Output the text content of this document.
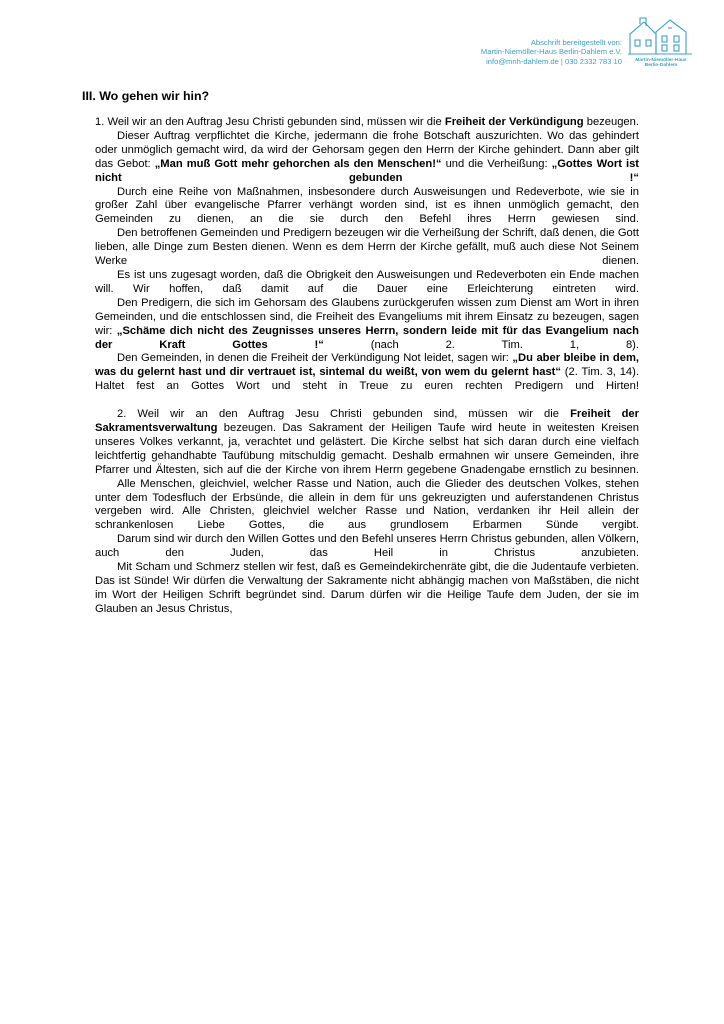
Abschrift bereitgestellt von:
Martin-Niemöller-Haus Berlin-Dahlem e.V.
info@mnh-dahlem.de | 030 2332 783 10	Martin-Niemöller-Haus
Berlin-Dahlem
III. Wo gehen wir hin?

1. Weil wir an den Auftrag Jesu Christi gebunden sind, müssen wir die Freiheit der Verkündigung bezeugen.

Dieser Auftrag verpflichtet die Kirche, jedermann die frohe Botschaft auszurichten. Wo das gehindert oder unmöglich gemacht wird, da wird der Gehorsam gegen den Herrn der Kirche gehindert. Dann aber gilt das Gebot: „Man muß Gott mehr gehorchen als den Menschen!“ und die Verheißung: „Gottes Wort ist nicht gebunden !“

Durch eine Reihe von Maßnahmen, insbesondere durch Ausweisungen und Redeverbote, wie sie in großer Zahl über evangelische Pfarrer verhängt worden sind, ist es ihnen unmöglich gemacht, den Gemeinden zu dienen, an die sie durch den Befehl ihres Herrn gewiesen sind.

Den betroffenen Gemeinden und Predigern bezeugen wir die Verheißung der Schrift, daß denen, die Gott lieben, alle Dinge zum Besten dienen. Wenn es dem Herrn der Kirche gefällt, muß auch diese Not Seinem Werke dienen.

Es ist uns zugesagt worden, daß die Obrigkeit den Ausweisungen und Redeverboten ein Ende machen will. Wir hoffen, daß damit auf die Dauer eine Erleichterung eintreten wird.

Den Predigern, die sich im Gehorsam des Glaubens zurückgerufen wissen zum Dienst am Wort in ihren Gemeinden, und die entschlossen sind, die Freiheit des Evangeliums mit ihrem Einsatz zu bezeugen, sagen wir: „Schäme dich nicht des Zeugnisses unseres Herrn, sondern leide mit für das Evangelium nach der Kraft Gottes !“ (nach 2. Tim. 1, 8).

Den Gemeinden, in denen die Freiheit der Verkündigung Not leidet, sagen wir: „Du aber bleibe in dem, was du gelernt hast und dir vertrauet ist, sintemal du weißt, von wem du gelernt hast“ (2. Tim. 3, 14). Haltet fest an Gottes Wort und steht in Treue zu euren rechten Predigern und Hirten!

2. Weil wir an den Auftrag Jesu Christi gebunden sind, müssen wir die Freiheit der Sakramentsverwaltung bezeugen. Das Sakrament der Heiligen Taufe wird heute in weitesten Kreisen unseres Volkes verkannt, ja, verachtet und gelästert. Die Kirche selbst hat sich daran durch eine vielfach leichtfertig gehandhabte Taufübung mitschuldig gemacht. Deshalb ermahnen wir unsere Gemeinden, ihre Pfarrer und Ältesten, sich auf die der Kirche von ihrem Herrn gegebene Gnadengabe ernstlich zu besinnen.

Alle Menschen, gleichviel, welcher Rasse und Nation, auch die Glieder des deutschen Volkes, stehen unter dem Todesfluch der Erbsünde, die allein in dem für uns gekreuzigten und auferstandenen Christus vergeben wird. Alle Christen, gleichviel welcher Rasse und Nation, verdanken ihr Heil allein der schrankenlosen Liebe Gottes, die aus grundlosem Erbarmen Sünde vergibt.

Darum sind wir durch den Willen Gottes und den Befehl unseres Herrn Christus gebunden, allen Völkern, auch den Juden, das Heil in Christus anzubieten.

Mit Scham und Schmerz stellen wir fest, daß es Gemeindekirchenräte gibt, die die Judentaufe verbieten. Das ist Sünde! Wir dürfen die Verwaltung der Sakramente nicht abhängig machen von Maßstäben, die nicht im Wort der Heiligen Schrift begründet sind. Darum dürfen wir die Heilige Taufe dem Juden, der sie im Glauben an Jesus Christus,
